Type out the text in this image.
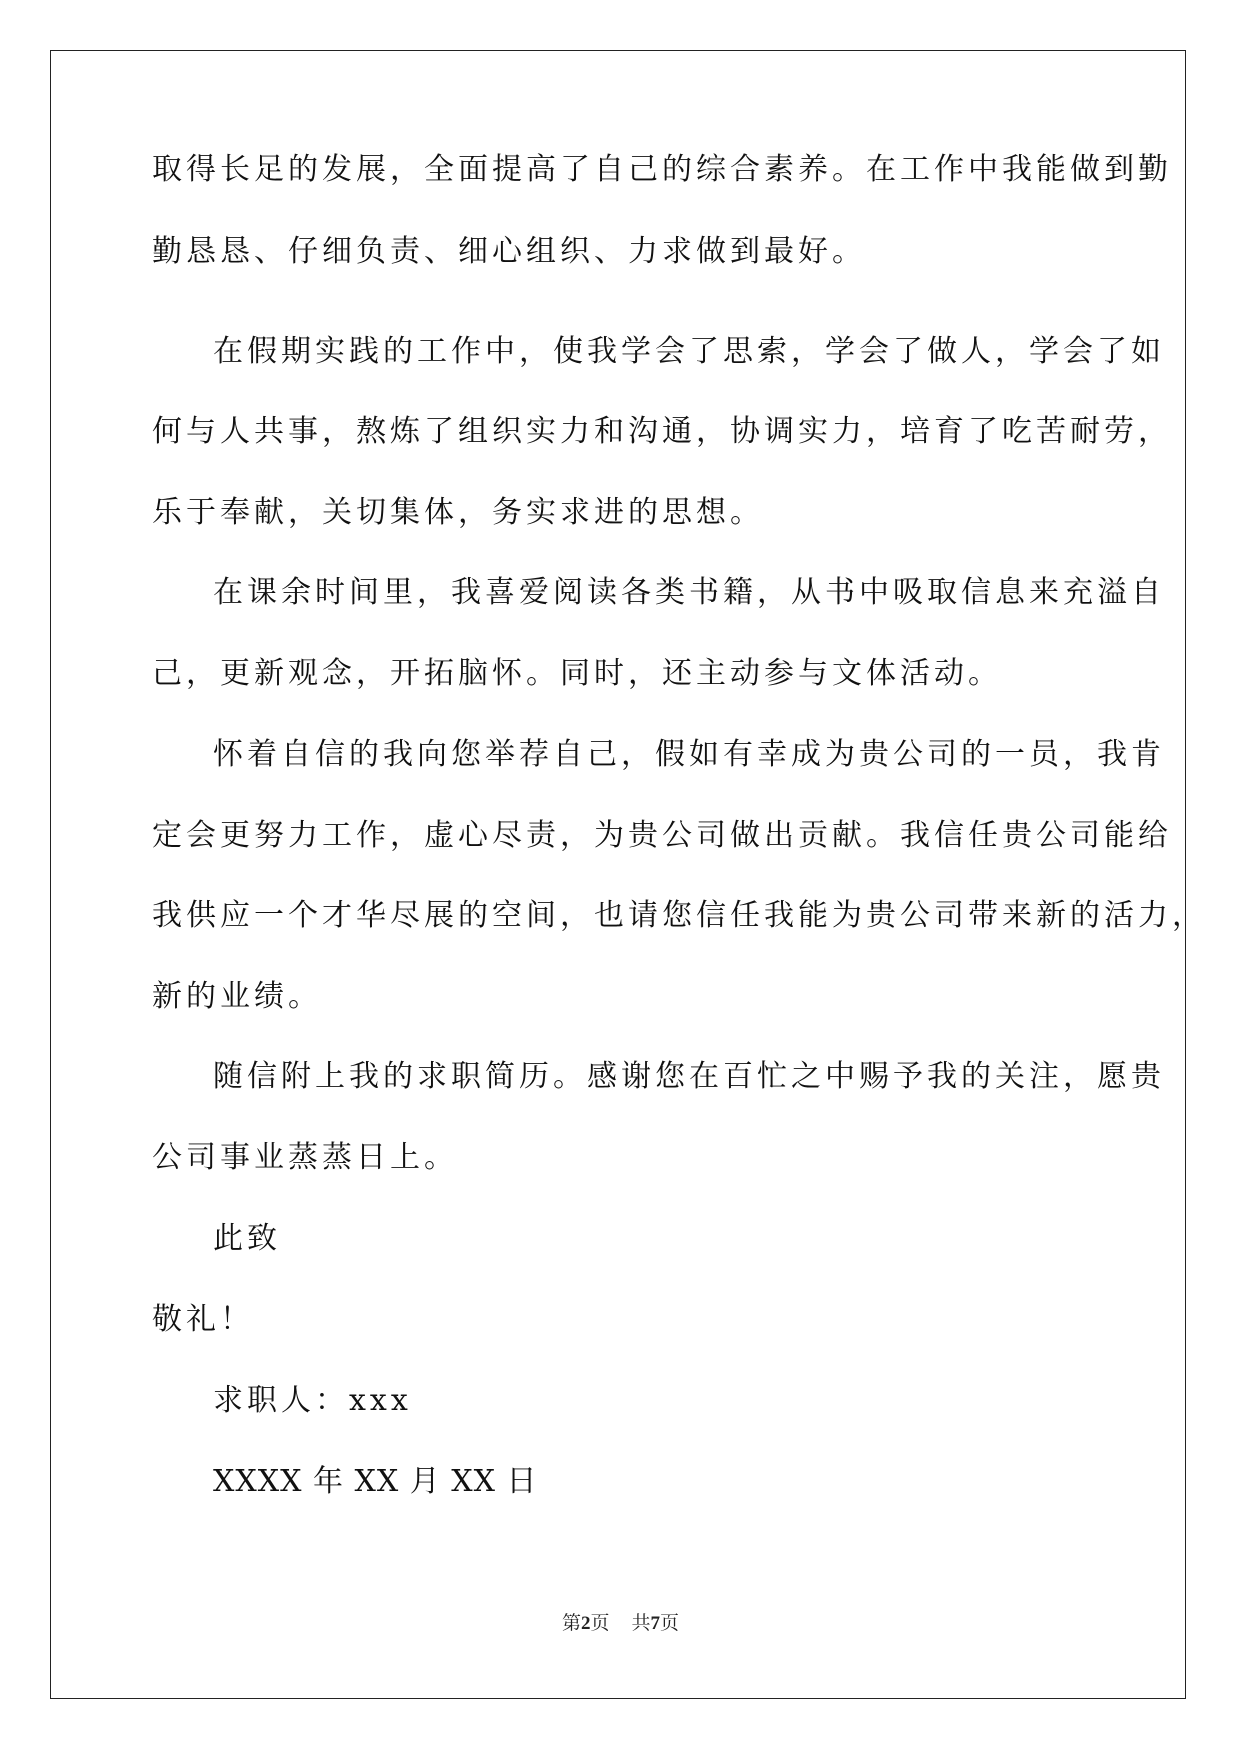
取得长足的发展，全面提高了自己的综合素养。在工作中我能做到勤
勤恳恳、仔细负责、细心组织、力求做到最好。
在假期实践的工作中，使我学会了思索，学会了做人，学会了如
何与人共事，熬炼了组织实力和沟通，协调实力，培育了吃苦耐劳，
乐于奉献，关切集体，务实求进的思想。
在课余时间里，我喜爱阅读各类书籍，从书中吸取信息来充溢自
己，更新观念，开拓脑怀。同时，还主动参与文体活动。
怀着自信的我向您举荐自己，假如有幸成为贵公司的一员，我肯
定会更努力工作，虚心尽责，为贵公司做出贡献。我信任贵公司能给
我供应一个才华尽展的空间，也请您信任我能为贵公司带来新的活力，
新的业绩。
随信附上我的求职简历。感谢您在百忙之中赐予我的关注，愿贵
公司事业蒸蒸日上。
此致
敬礼！
求职人：xxx
XXXX 年 XX 月 XX 日
第2页 共7页
